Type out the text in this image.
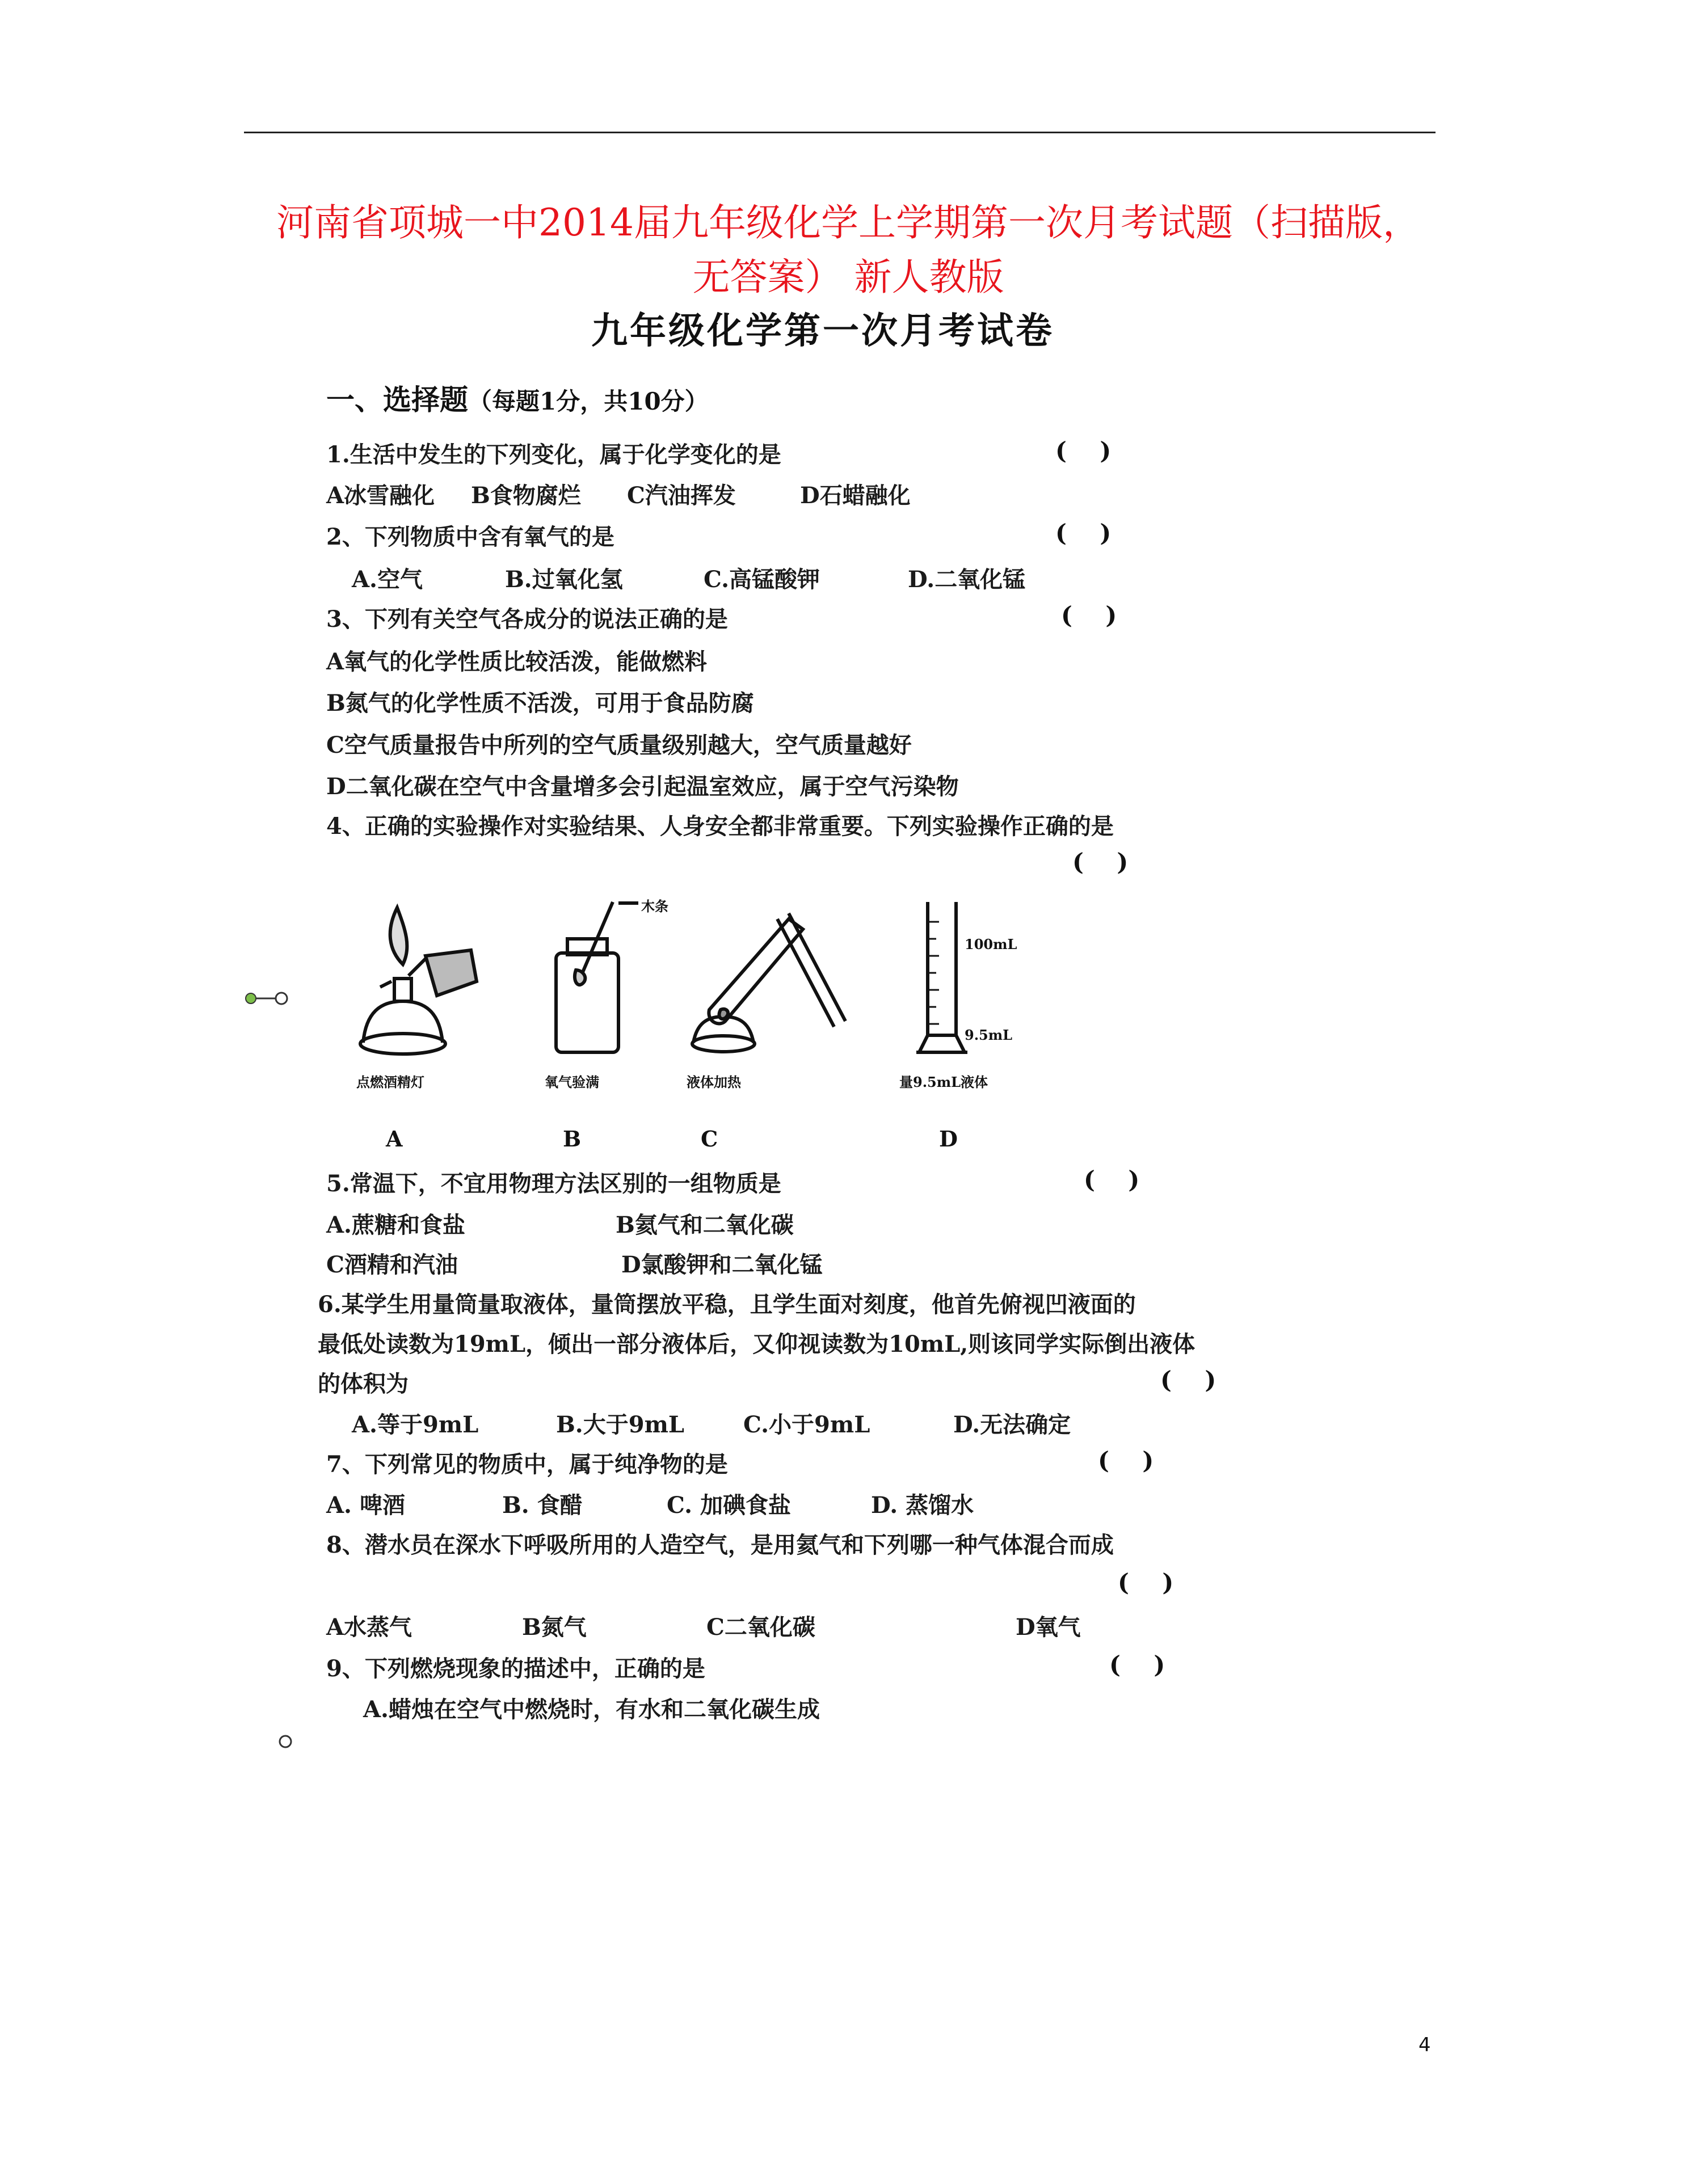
河南省项城一中2014届九年级化学上学期第一次月考试题（扫描版，
无答案） 新人教版
九年级化学第一次月考试卷
一、选择题（每题1分，共10分）
1.生活中发生的下列变化，属于化学变化的是	(    )
A冰雪融化 B食物腐烂 C汽油挥发	D石蜡融化
2、下列物质中含有氧气的是	(    )
A.空气	B.过氧化氢	C.高锰酸钾	D.二氧化锰
3、下列有关空气各成分的说法正确的是	(    )
A氧气的化学性质比较活泼，能做燃料
B氮气的化学性质不活泼，可用于食品防腐
C空气质量报告中所列的空气质量级别越大，空气质量越好
D二氧化碳在空气中含量增多会引起温室效应，属于空气污染物
4、正确的实验操作对实验结果、人身安全都非常重要。下列实验操作正确的是
(    )
点燃酒精灯
A
木条
氧气验满
B
液体加热
C
100mL
9.5mL
量9.5mL液体
D
5.常温下，不宜用物理方法区别的一组物质是	(    )
A.蔗糖和食盐	B氦气和二氧化碳
C酒精和汽油	D氯酸钾和二氧化锰
6.某学生用量筒量取液体，量筒摆放平稳，且学生面对刻度，他首先俯视凹液面的
最低处读数为19mL，倾出一部分液体后，又仰视读数为10mL,则该同学实际倒出液体
的体积为	(    )
A.等于9mL	B.大于9mL	C.小于9mL	D.无法确定
7、下列常见的物质中，属于纯净物的是	(    )
A. 啤酒	B. 食醋	C. 加碘食盐	D. 蒸馏水
8、潜水员在深水下呼吸所用的人造空气，是用氦气和下列哪一种气体混合而成
(    )
A水蒸气	B氮气	C二氧化碳	D氧气
9、下列燃烧现象的描述中，正确的是	(    )
A.蜡烛在空气中燃烧时，有水和二氧化碳生成
4
